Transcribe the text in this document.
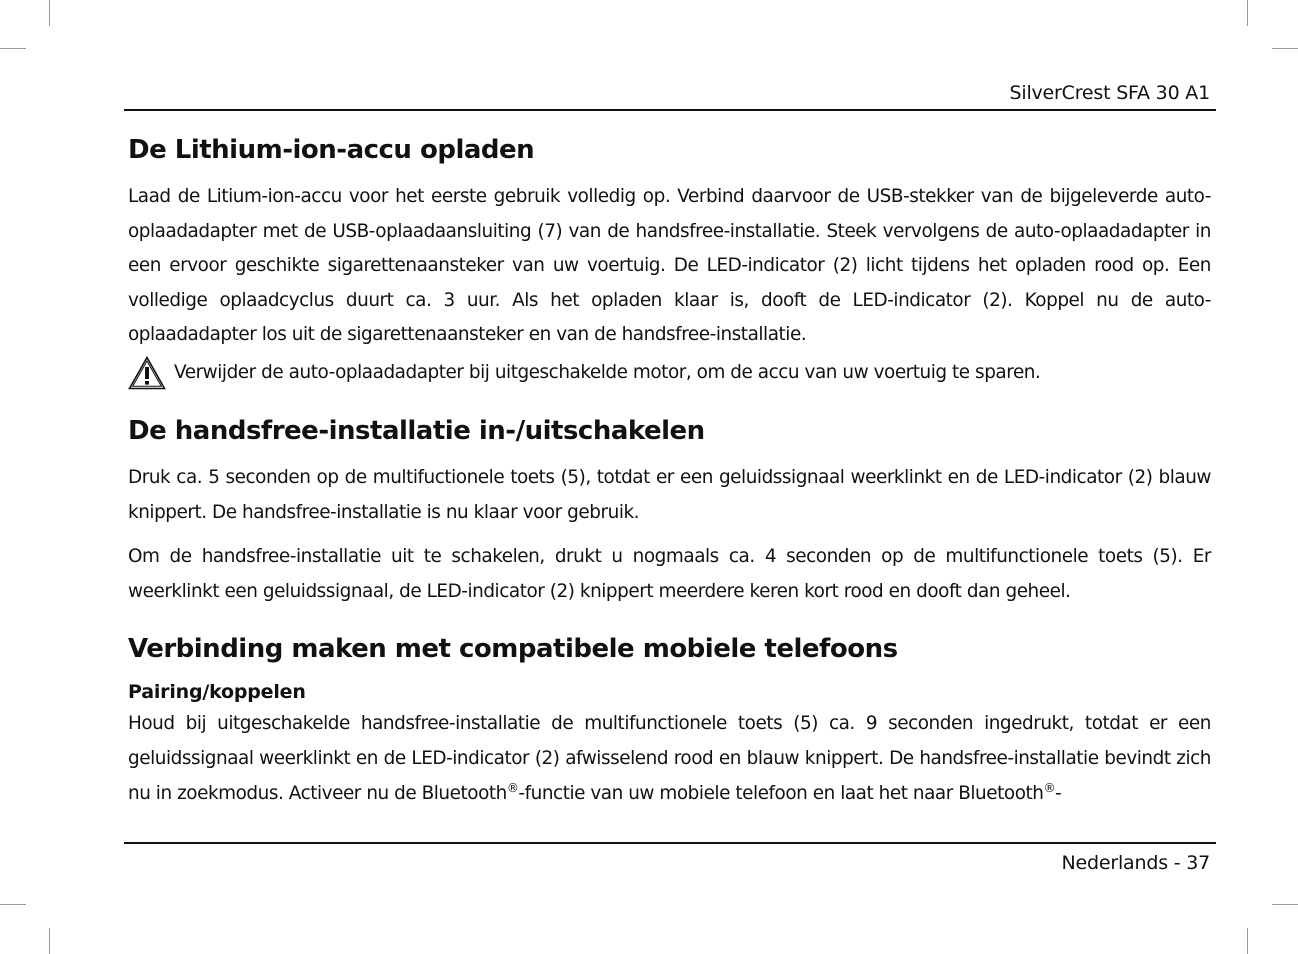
SilverCrest SFA 30 A1
De Lithium-ion-accu opladen

Laad de Litium-ion-accu voor het eerste gebruik volledig op. Verbind daarvoor de USB-stekker van de bijgeleverde auto-oplaadadapter met de USB-oplaadaansluiting (7) van de handsfree-installatie. Steek vervolgens de auto-oplaadadapter in een ervoor geschikte sigarettenaansteker van uw voertuig. De LED-indicator (2) licht tijdens het opladen rood op. Een volledige oplaadcyclus duurt ca. 3 uur. Als het opladen klaar is, dooft de LED-indicator (2). Koppel nu de auto-oplaadadapter los uit de sigarettenaansteker en van de handsfree-installatie.

Verwijder de auto-oplaadadapter bij uitgeschakelde motor, om de accu van uw voertuig te sparen.
De handsfree-installatie in-/uitschakelen

Druk ca. 5 seconden op de multifuctionele toets (5), totdat er een geluidssignaal weerklinkt en de LED-indicator (2) blauw knippert. De handsfree-installatie is nu klaar voor gebruik.

Om de handsfree-installatie uit te schakelen, drukt u nogmaals ca. 4 seconden op de multifunctionele toets (5). Er weerklinkt een geluidssignaal, de LED-indicator (2) knippert meerdere keren kort rood en dooft dan geheel.

Verbinding maken met compatibele mobiele telefoons
Pairing/koppelen

Houd bij uitgeschakelde handsfree-installatie de multifunctionele toets (5) ca. 9 seconden ingedrukt, totdat er een geluidssignaal weerklinkt en de LED-indicator (2) afwisselend rood en blauw knippert. De handsfree-installatie bevindt zich nu in zoekmodus. Activeer nu de Bluetooth®-functie van uw mobiele telefoon en laat het naar Bluetooth®-

Nederlands - 37
